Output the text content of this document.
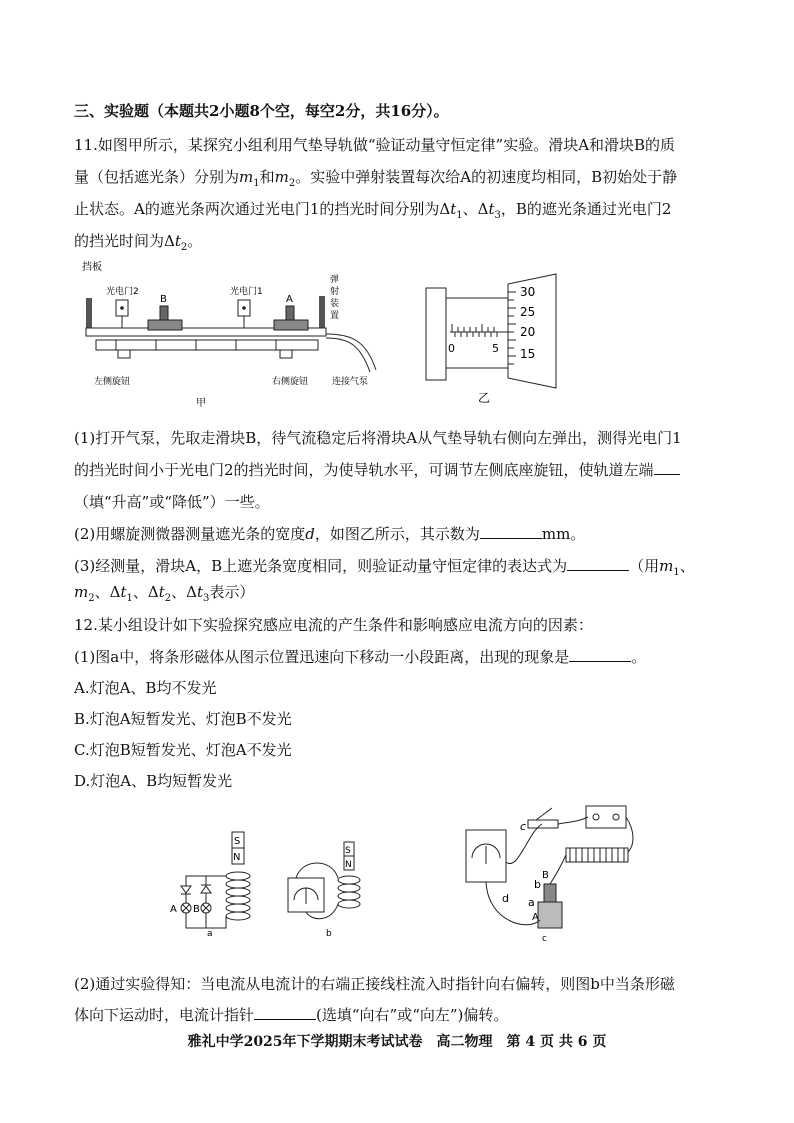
三、实验题（本题共2小题8个空，每空2分，共16分）。
11.如图甲所示，某探究小组利用气垫导轨做“验证动量守恒定律”实验。滑块A和滑块B的质
量（包括遮光条）分别为$m_1$和$m_2$。实验中弹射装置每次给A的初速度均相同，B初始处于静
止状态。A的遮光条两次通过光电门1的挡光时间分别为$\Delta t_1$、$\Delta t_3$，B的遮光条通过光电门2
的挡光时间为$\Delta t_2$。
挡板
光电门2	光电门1
B	A
弹
射
装
置
连接气泵
左侧旋钮	右侧旋钮
甲
0	5
30
25
20
15
乙
(1)打开气泵，先取走滑块B，待气流稳定后将滑块A从气垫导轨右侧向左弹出，测得光电门1
的挡光时间小于光电门2的挡光时间，为使导轨水平，可调节左侧底座旋钮，使轨道左端
（填“升高”或“降低”）一些。
(2)用螺旋测微器测量遮光条的宽度d，如图乙所示，其示数为	mm。
(3)经测量，滑块A，B上遮光条宽度相同，则验证动量守恒定律的表达式为	（用$m_1$、
$m_2$、$\Delta t_1$、$\Delta t_2$、$\Delta t_3$表示）
12.某小组设计如下实验探究感应电流的产生条件和影响感应电流方向的因素：
(1)图a中，将条形磁体从图示位置迅速向下移动一小段距离，出现的现象是	。
A.灯泡A、B均不发光
B.灯泡A短暂发光、灯泡B不发光
C.灯泡B短暂发光、灯泡A不发光
D.灯泡A、B均短暂发光
S
N
A B
a
S
N
b
c
d a
b
A
B
c
(2)通过实验得知：当电流从电流计的右端正接线柱流入时指针向右偏转，则图b中当条形磁
体向下运动时，电流计指针	(选填“向右”或“向左”)偏转。
雅礼中学2025年下学期期末考试试卷　高二物理　第 4 页 共 6 页
